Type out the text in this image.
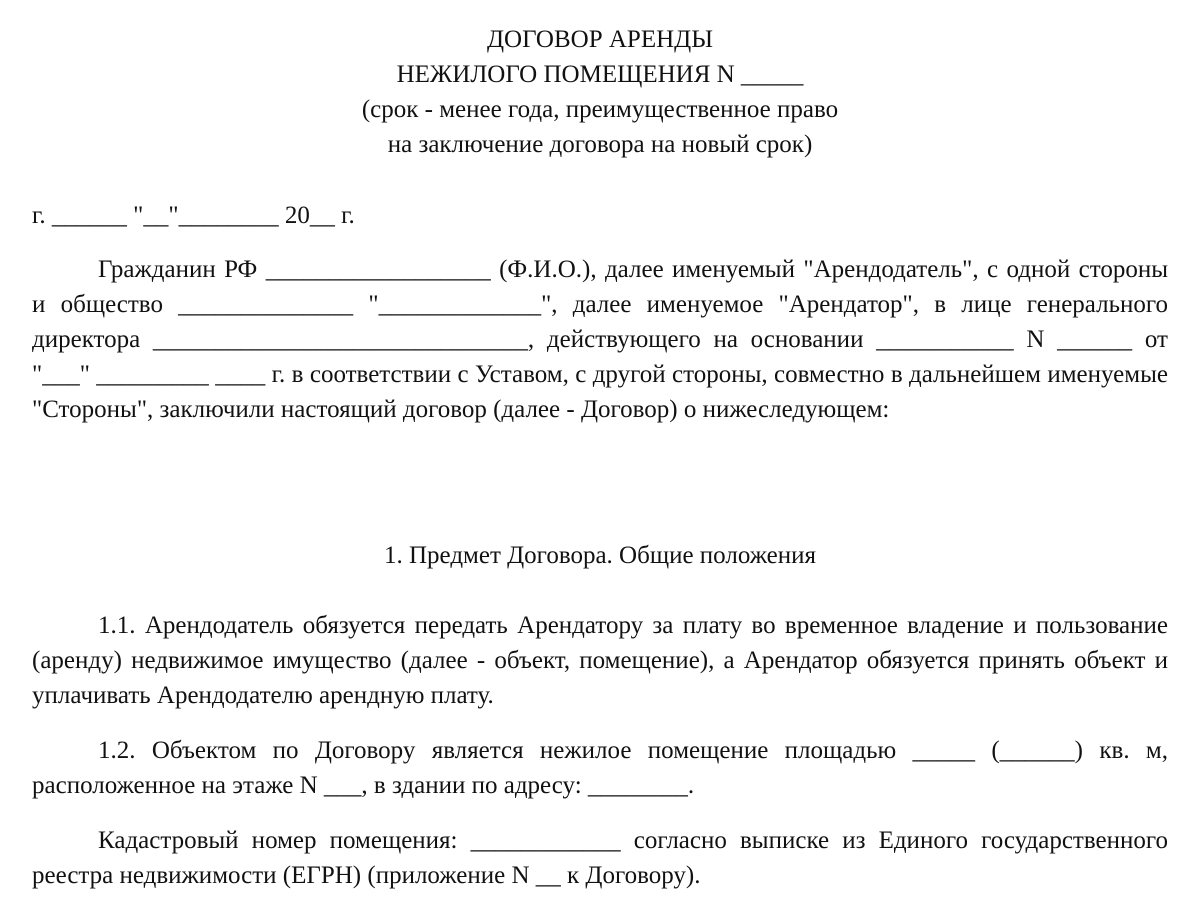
ДОГОВОР АРЕНДЫ
НЕЖИЛОГО ПОМЕЩЕНИЯ N _____
(срок - менее года, преимущественное право
на заключение договора на новый срок)
г. ______ "__"________ 20__ г.

Гражданин РФ __________________ (Ф.И.О.), далее именуемый "Арендодатель", с одной стороны и общество ______________ "_____________", далее именуемое "Арендатор", в лице генерального директора ______________________________, действующего на основании ___________ N ______ от "___" _________ ____ г. в соответствии с Уставом, с другой стороны, совместно в дальнейшем именуемые "Стороны", заключили настоящий договор (далее - Договор) о нижеследующем:

1. Предмет Договора. Общие положения

1.1. Арендодатель обязуется передать Арендатору за плату во временное владение и пользование (аренду) недвижимое имущество (далее - объект, помещение), а Арендатор обязуется принять объект и уплачивать Арендодателю арендную плату.

1.2. Объектом по Договору является нежилое помещение площадью _____ (______) кв. м, расположенное на этаже N ___, в здании по адресу: ________.

Кадастровый номер помещения: ____________ согласно выписке из Единого государственного реестра недвижимости (ЕГРН) (приложение N __ к Договору).
